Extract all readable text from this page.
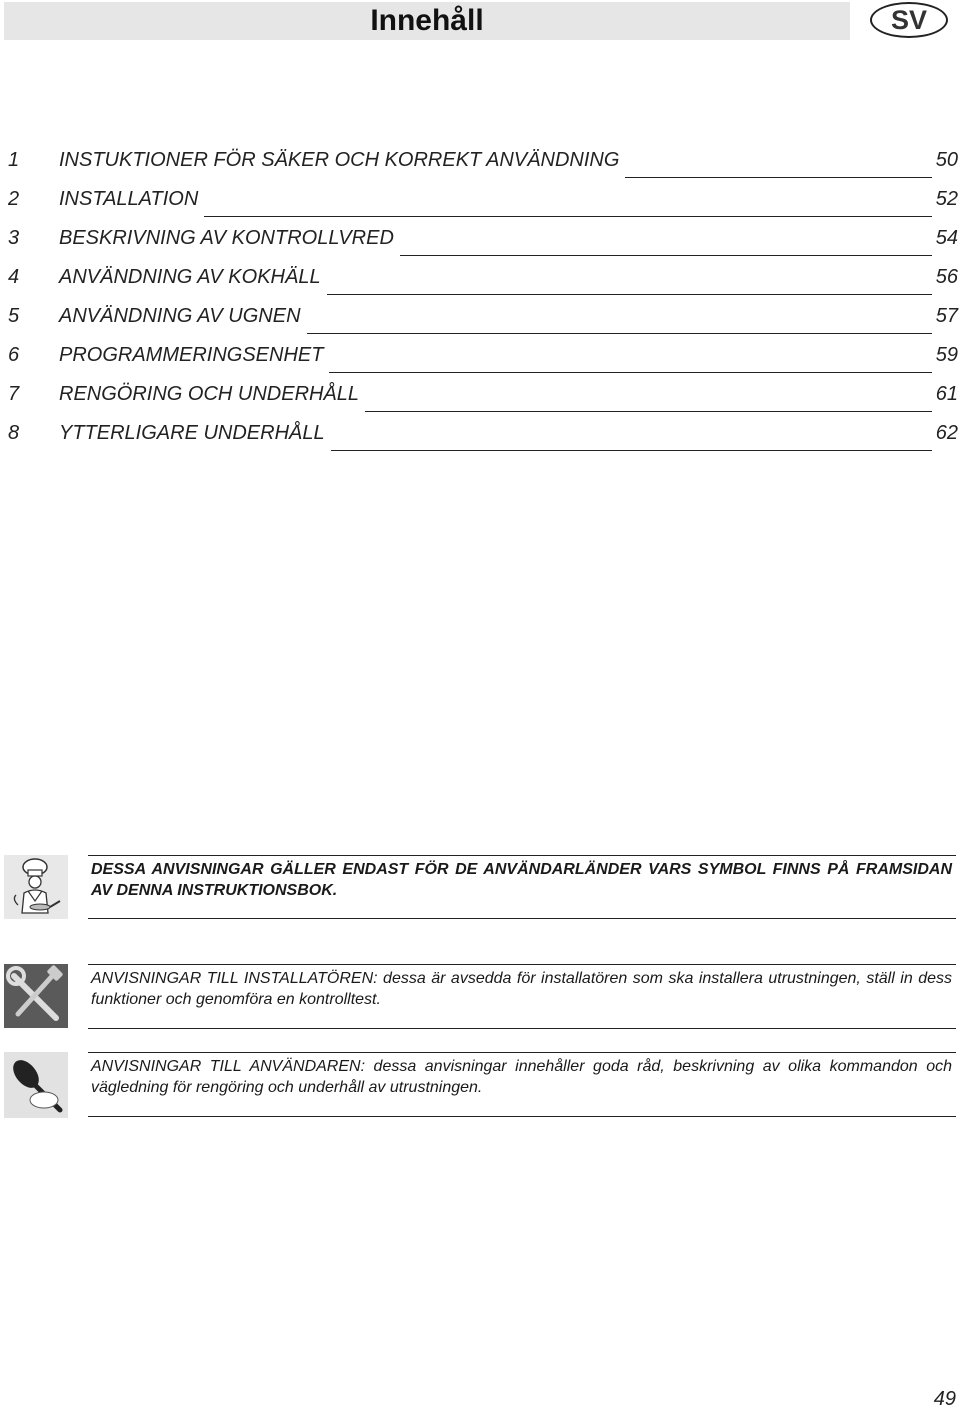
Innehåll	SV
1 INSTUKTIONER FÖR SÄKER OCH KORREKT ANVÄNDNING	50
2 INSTALLATION	52
3 BESKRIVNING AV KONTROLLVRED	54
4 ANVÄNDNING AV KOKHÄLL	56
5 ANVÄNDNING AV UGNEN	57
6 PROGRAMMERINGSENHET	59
7 RENGÖRING OCH UNDERHÅLL	61
8 YTTERLIGARE UNDERHÅLL	62
DESSA ANVISNINGAR GÄLLER ENDAST FÖR DE ANVÄNDARLÄNDER VARS SYMBOL FINNS PÅ FRAMSIDAN AV DENNA INSTRUKTIONSBOK.
ANVISNINGAR TILL INSTALLATÖREN: dessa är avsedda för installatören som ska installera utrustningen, ställ in dess funktioner och genomföra en kontrolltest.
ANVISNINGAR TILL ANVÄNDAREN: dessa anvisningar innehåller goda råd, beskrivning av olika kommandon och vägledning för rengöring och underhåll av utrustningen.
49
